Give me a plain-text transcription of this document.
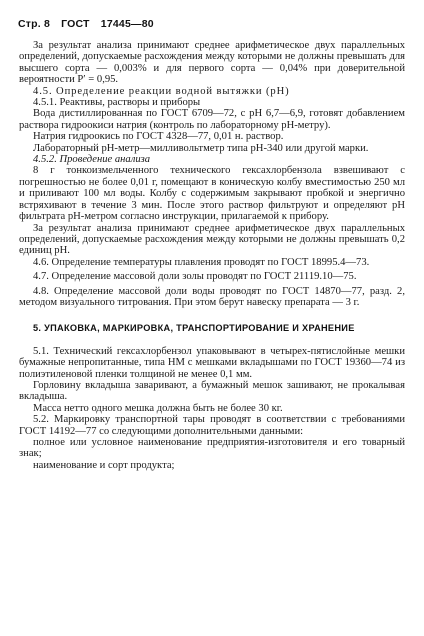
Стр. 8 ГОСТ 17445—80

За результат анализа принимают среднее арифметическое двух параллельных определений, допускаемые расхождения между которыми не должны превышать для высшего сорта — 0,003% и для первого сорта — 0,04% при доверительной вероятности P′ = 0,95.

4.5. Определение реакции водной вытяжки (pH)

4.5.1. Реактивы, растворы и приборы

Вода дистиллированная по ГОСТ 6709—72, с pH 6,7—6,9, готовят добавлением раствора гидроокиси натрия (контроль по лабораторному pH-метру).

Натрия гидроокись по ГОСТ 4328—77, 0,01 н. раствор.

Лабораторный pH-метр—милливольтметр типа pH-340 или другой марки.

4.5.2. Проведение анализа

8 г тонкоизмельченного технического гексахлорбензола взвешивают с погрешностью не более 0,01 г, помещают в коническую колбу вместимостью 250 мл и приливают 100 мл воды. Колбу с содержимым закрывают пробкой и энергично встряхивают в течение 3 мин. После этого раствор фильтруют и определяют pH фильтрата pH-метром согласно инструкции, прилагаемой к прибору.

За результат анализа принимают среднее арифметическое двух параллельных определений, допускаемые расхождения между которыми не должны превышать 0,2 единиц pH.

4.6. Определение температуры плавления проводят по ГОСТ 18995.4—73.

4.7. Определение массовой доли золы проводят по ГОСТ 21119.10—75.

4.8. Определение массовой доли воды проводят по ГОСТ 14870—77, разд. 2, методом визуального титрования. При этом берут навеску препарата — 3 г.

5. УПАКОВКА, МАРКИРОВКА, ТРАНСПОРТИРОВАНИЕ И ХРАНЕНИЕ

5.1. Технический гексахлорбензол упаковывают в четырех-пятислойные мешки бумажные непропитанные, типа НМ с мешками вкладышами по ГОСТ 19360—74 из полиэтиленовой пленки толщиной не менее 0,1 мм.

Горловину вкладыша заваривают, а бумажный мешок зашивают, не прокалывая вкладыша.

Масса нетто одного мешка должна быть не более 30 кг.

5.2. Маркировку транспортной тары проводят в соответствии с требованиями ГОСТ 14192—77 со следующими дополнительными данными:

полное или условное наименование предприятия-изготовителя и его товарный знак;

наименование и сорт продукта;
